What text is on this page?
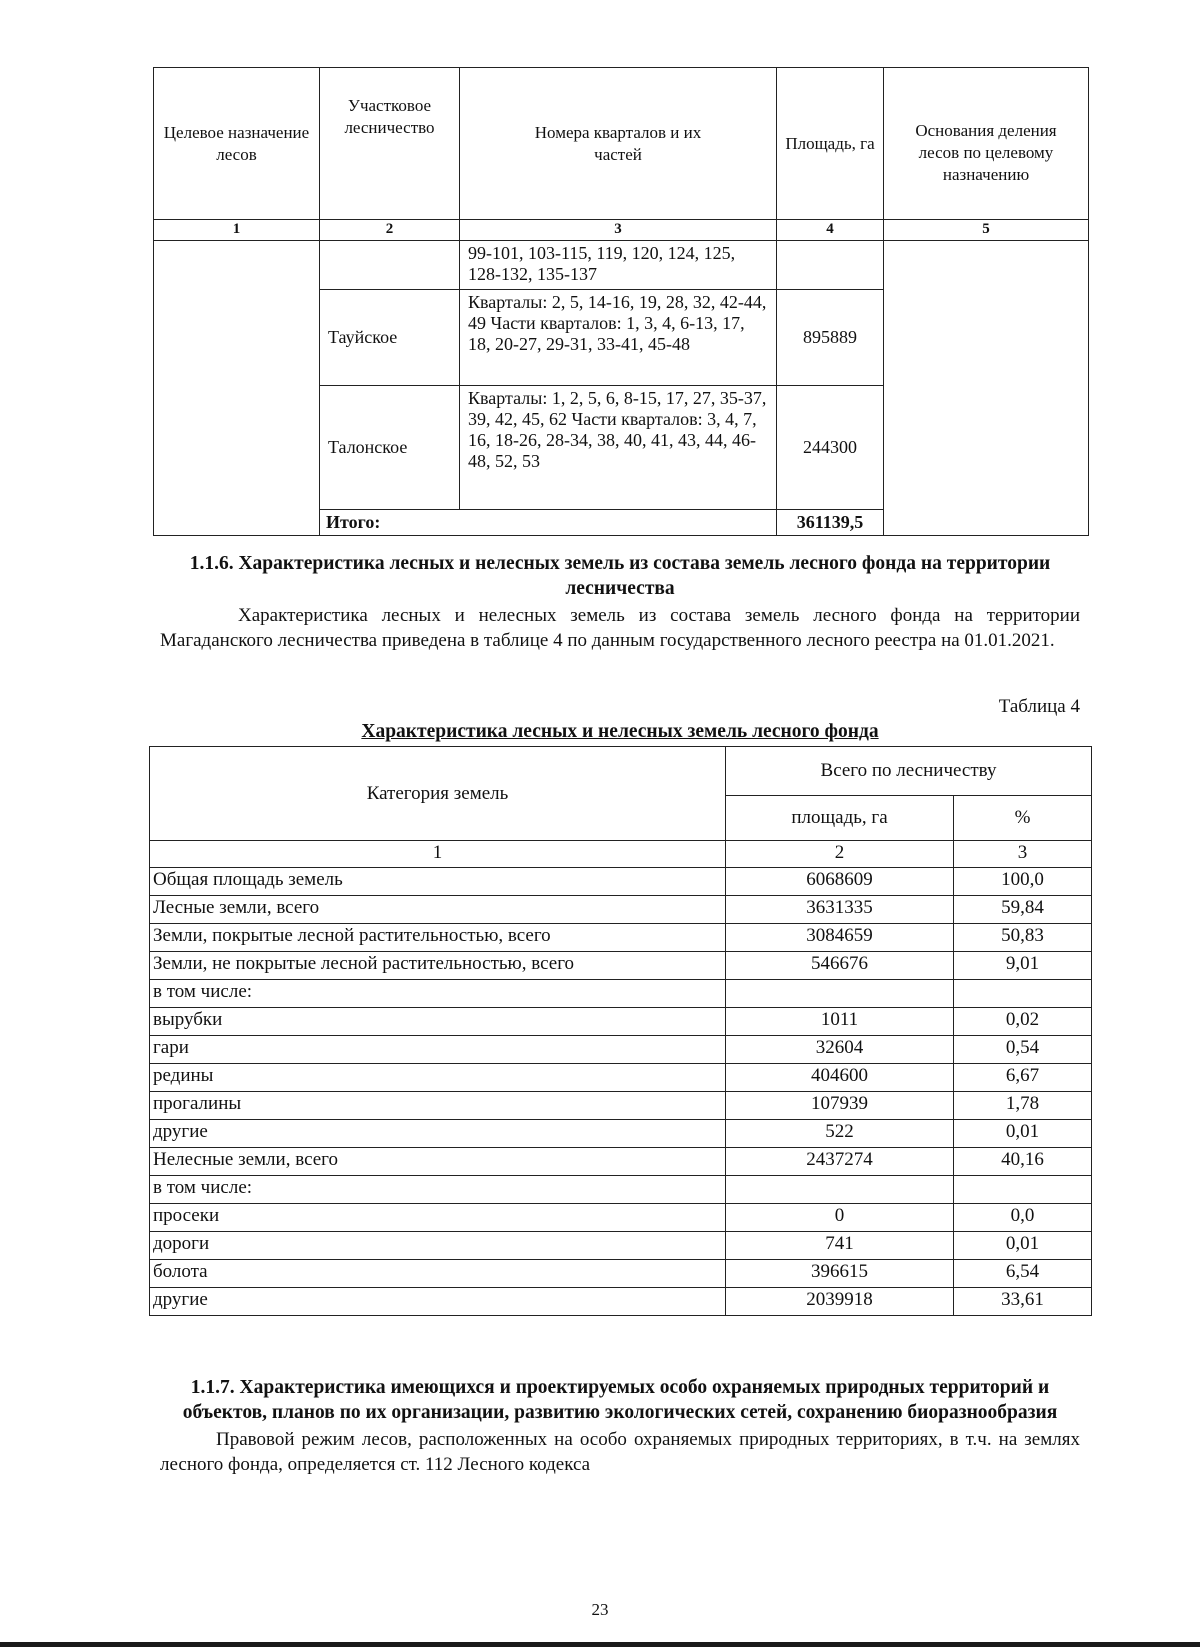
Целевое назначение лесов	Участковое лесничество	Номера кварталов и их частей	Площадь, га	Основания деления лесов по целевому назначению
1	2	3	4	5
		99-101, 103-115, 119, 120, 124, 125, 128-132, 135-137		
	Тауйское	Кварталы: 2, 5, 14-16, 19, 28, 32, 42-44, 49 Части кварталов: 1, 3, 4, 6-13, 17, 18, 20-27, 29-31, 33-41, 45-48	895889	
	Талонское	Кварталы: 1, 2, 5, 6, 8-15, 17, 27, 35-37, 39, 42, 45, 62 Части кварталов: 3, 4, 7, 16, 18-26, 28-34, 38, 40, 41, 43, 44, 46-48, 52, 53	244300	
	Итого:		361139,5	
1.1.6. Характеристика лесных и нелесных земель из состава земель лесного фонда на территории лесничества
Характеристика лесных и нелесных земель из состава земель лесного фонда на территории Магаданского лесничества приведена в таблице 4 по данным государственного лесного реестра на 01.01.2021.
Таблица 4
Характеристика лесных и нелесных земель лесного фонда
Категория земель	Всего по лесничеству	
	площадь, га	%
1	2	3
Общая площадь земель	6068609	100,0
Лесные земли, всего	3631335	59,84
Земли, покрытые лесной растительностью, всего	3084659	50,83
Земли, не покрытые лесной растительностью, всего	546676	9,01
в том числе:		
вырубки	1011	0,02
гари	32604	0,54
редины	404600	6,67
прогалины	107939	1,78
другие	522	0,01
Нелесные земли, всего	2437274	40,16
в том числе:		
просеки	0	0,0
дороги	741	0,01
болота	396615	6,54
другие	2039918	33,61
1.1.7. Характеристика имеющихся и проектируемых особо охраняемых природных территорий и объектов, планов по их организации, развитию экологических сетей, сохранению биоразнообразия
Правовой режим лесов, расположенных на особо охраняемых природных территориях, в т.ч. на землях лесного фонда, определяется ст. 112 Лесного кодекса
23
